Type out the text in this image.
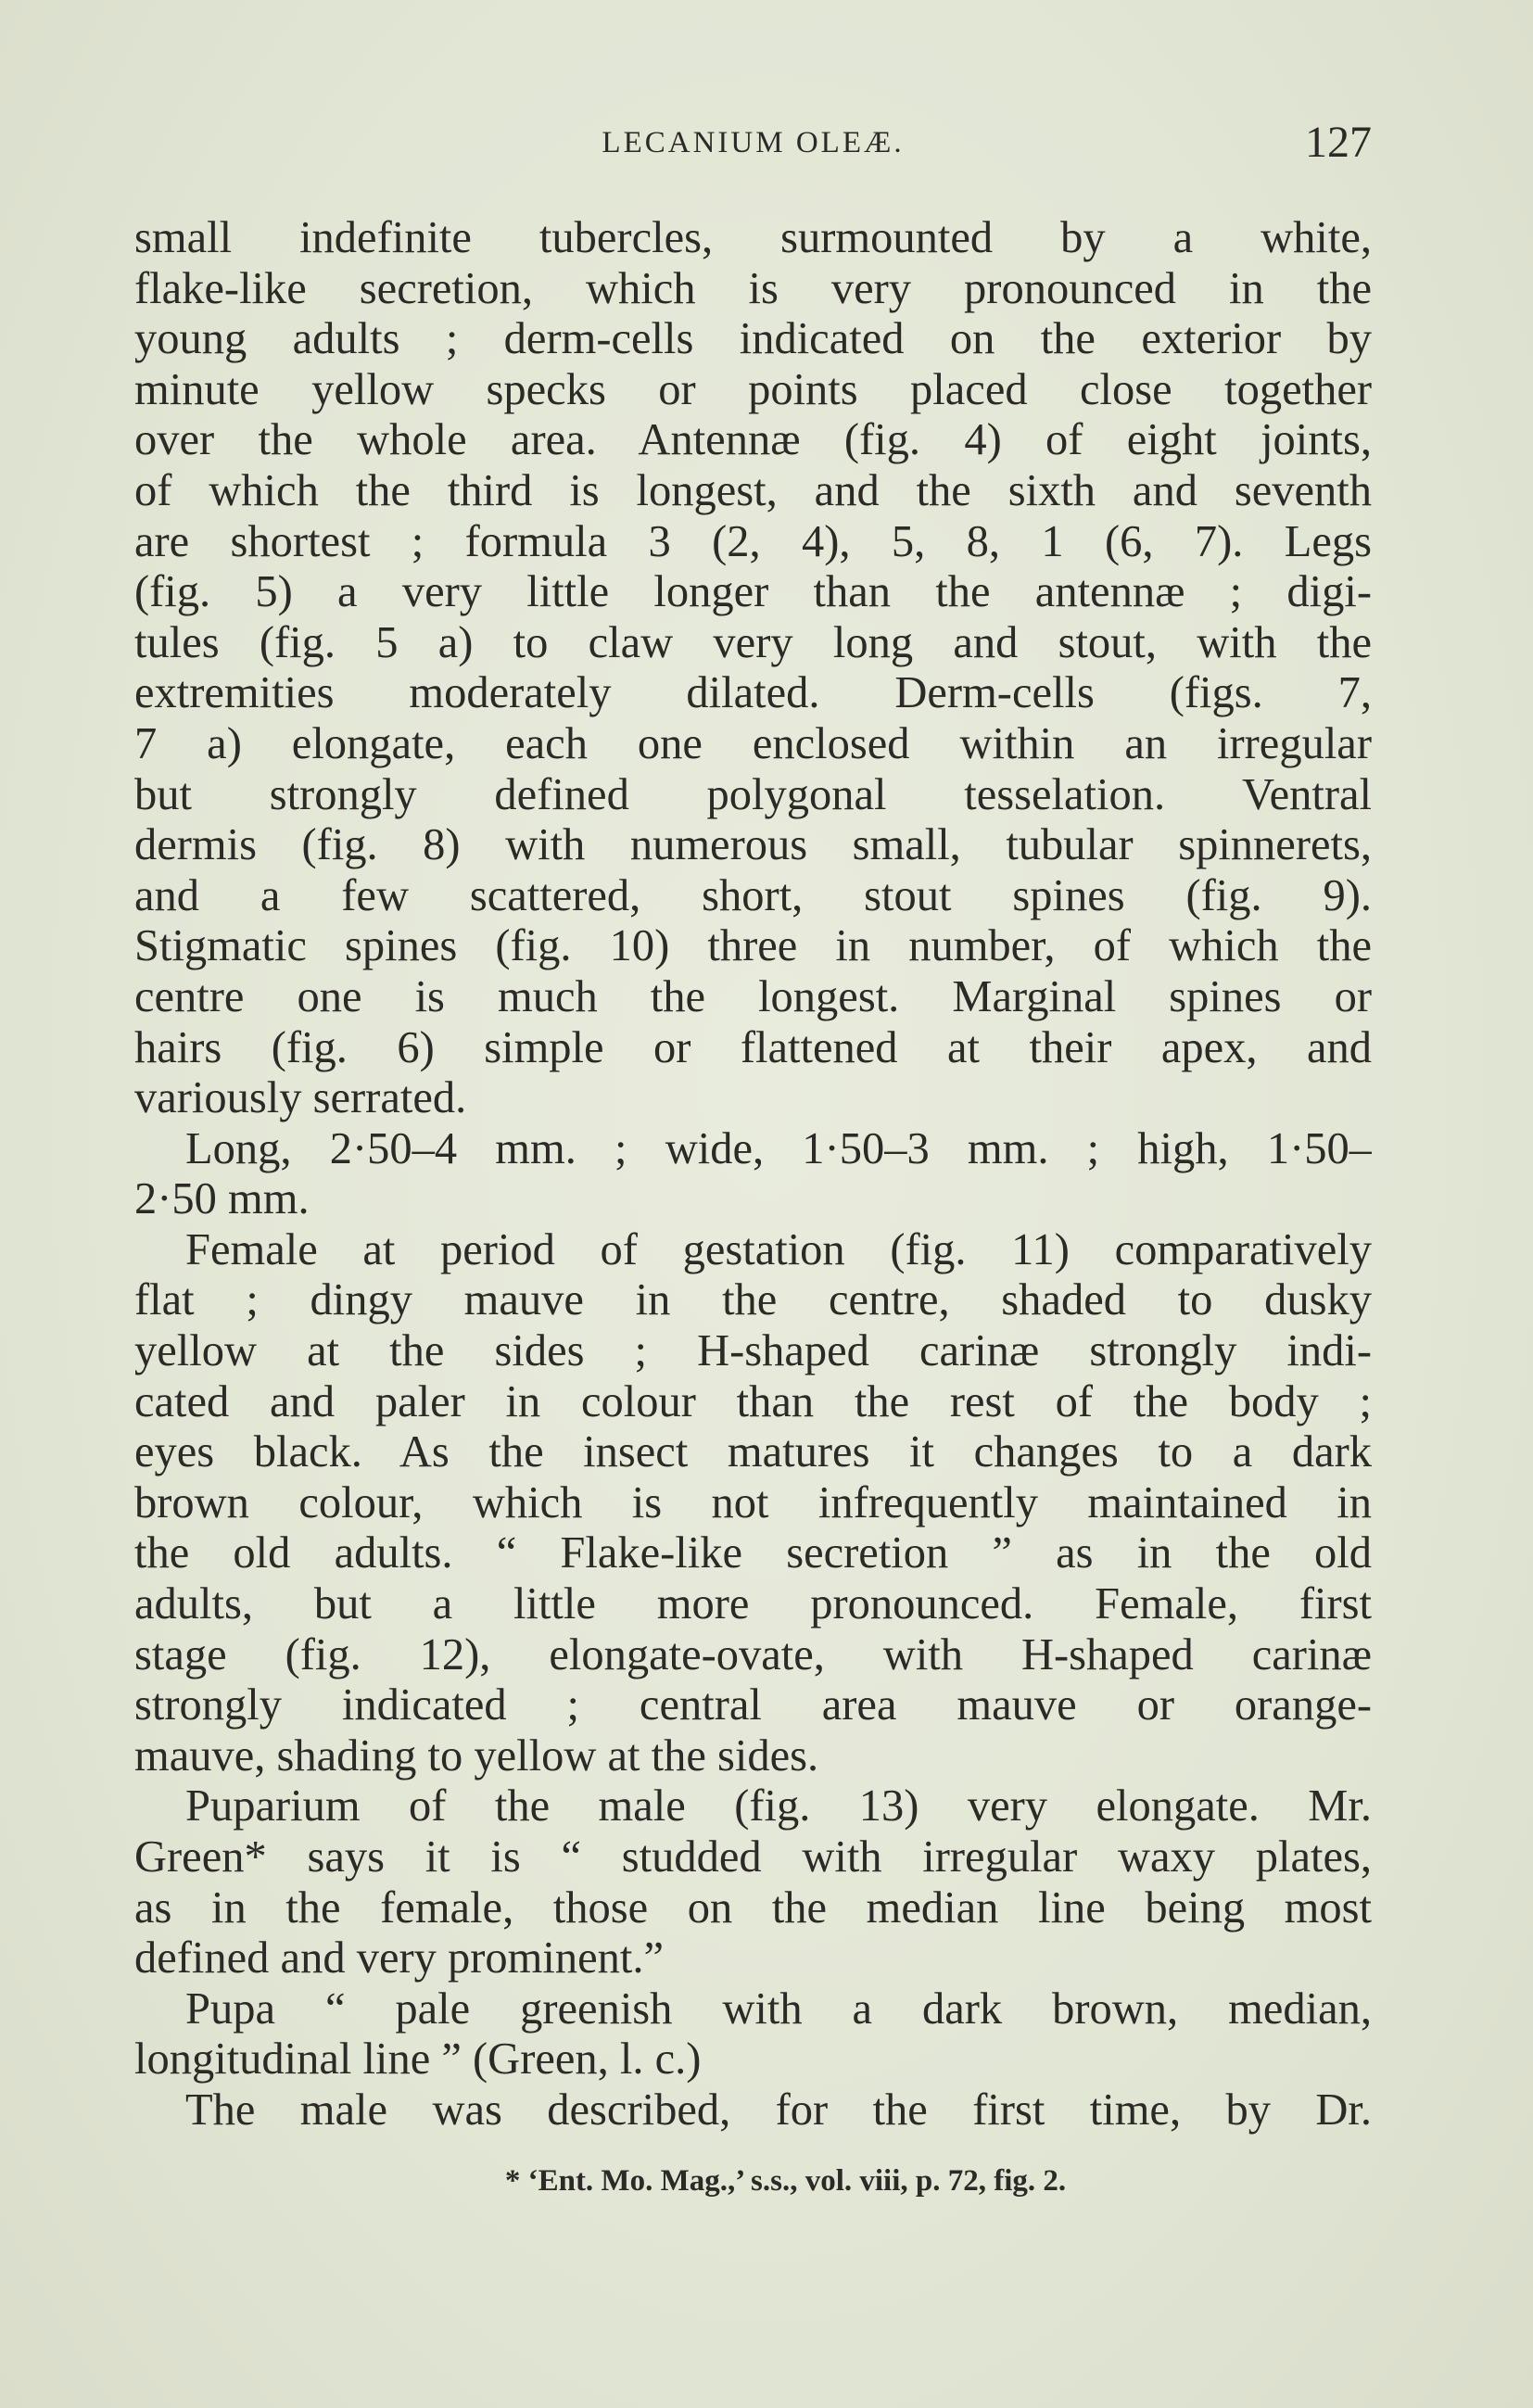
LECANIUM OLEÆ.	127
small indefinite tubercles, surmounted by a white,
flake-like secretion, which is very pronounced in the
young adults ; derm-cells indicated on the exterior by
minute yellow specks or points placed close together
over the whole area. Antennæ (fig. 4) of eight joints,
of which the third is longest, and the sixth and seventh
are shortest ; formula 3 (2, 4), 5, 8, 1 (6, 7). Legs
(fig. 5) a very little longer than the antennæ ; digi-
tules (fig. 5 a) to claw very long and stout, with the
extremities moderately dilated. Derm-cells (figs. 7,
7 a) elongate, each one enclosed within an irregular
but strongly defined polygonal tesselation. Ventral
dermis (fig. 8) with numerous small, tubular spinnerets,
and a few scattered, short, stout spines (fig. 9).
Stigmatic spines (fig. 10) three in number, of which the
centre one is much the longest. Marginal spines or
hairs (fig. 6) simple or flattened at their apex, and
variously serrated.
Long, 2·50–4 mm. ; wide, 1·50–3 mm. ; high, 1·50–
2·50 mm.
Female at period of gestation (fig. 11) comparatively
flat ; dingy mauve in the centre, shaded to dusky
yellow at the sides ; H-shaped carinæ strongly indi-
cated and paler in colour than the rest of the body ;
eyes black. As the insect matures it changes to a dark
brown colour, which is not infrequently maintained in
the old adults. “ Flake-like secretion ” as in the old
adults, but a little more pronounced. Female, first
stage (fig. 12), elongate-ovate, with H-shaped carinæ
strongly indicated ; central area mauve or orange-
mauve, shading to yellow at the sides.
Puparium of the male (fig. 13) very elongate. Mr.
Green* says it is “ studded with irregular waxy plates,
as in the female, those on the median line being most
defined and very prominent.”
Pupa “ pale greenish with a dark brown, median,
longitudinal line ” (Green, l. c.)
The male was described, for the first time, by Dr.
* ‘Ent. Mo. Mag.,’ s.s., vol. viii, p. 72, fig. 2.
